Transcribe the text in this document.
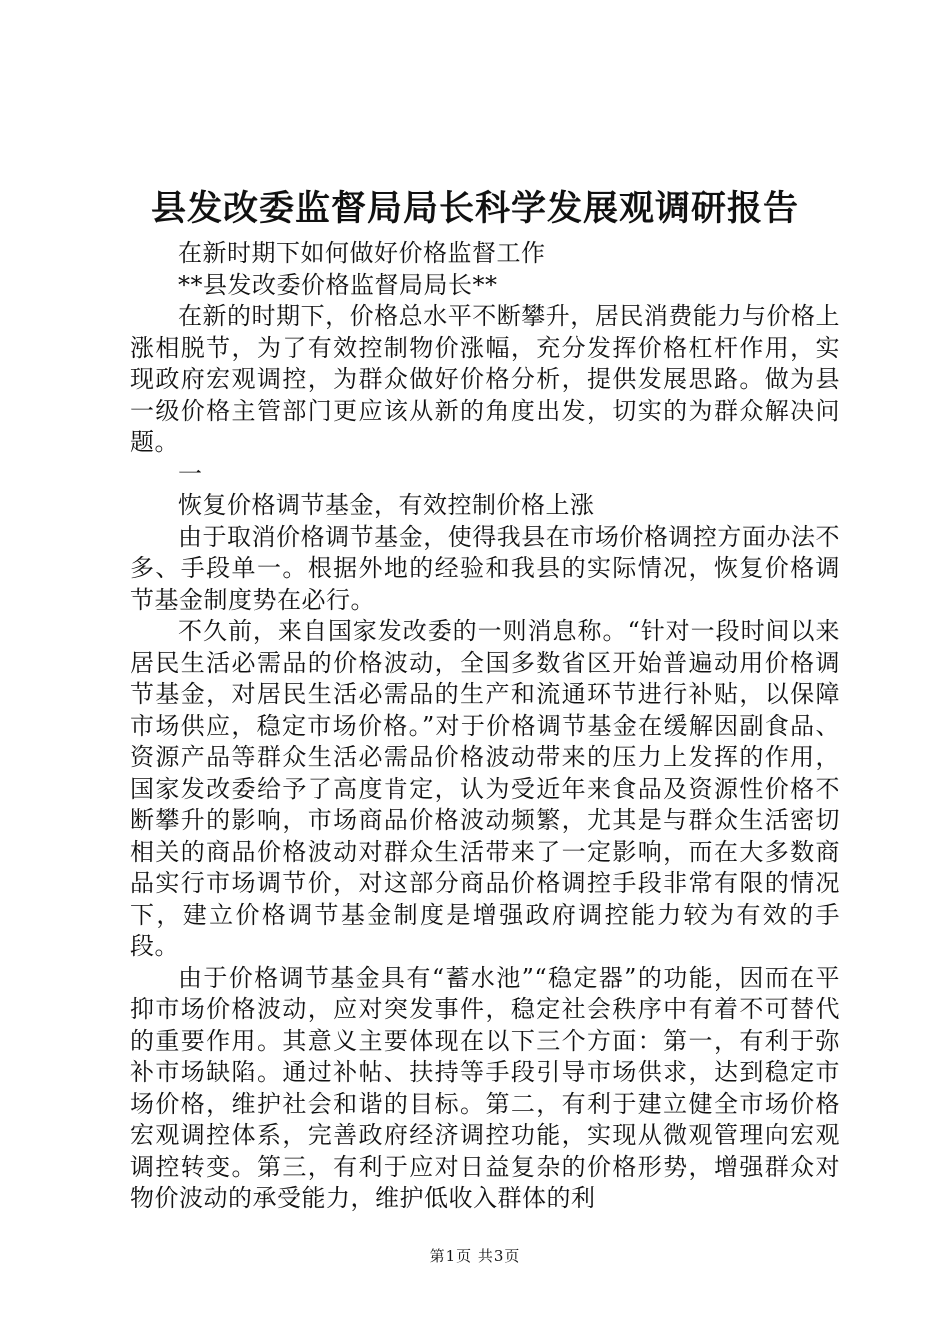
县发改委监督局局长科学发展观调研报告

在新时期下如何做好价格监督工作

**县发改委价格监督局局长**

在新的时期下，价格总水平不断攀升，居民消费能力与价格上涨相脱节，为了有效控制物价涨幅，充分发挥价格杠杆作用，实现政府宏观调控，为群众做好价格分析，提供发展思路。做为县一级价格主管部门更应该从新的角度出发，切实的为群众解决问题。

一

恢复价格调节基金，有效控制价格上涨

由于取消价格调节基金，使得我县在市场价格调控方面办法不多、手段单一。根据外地的经验和我县的实际情况，恢复价格调节基金制度势在必行。

不久前，来自国家发改委的一则消息称。“针对一段时间以来居民生活必需品的价格波动，全国多数省区开始普遍动用价格调节基金，对居民生活必需品的生产和流通环节进行补贴，以保障市场供应，稳定市场价格。”对于价格调节基金在缓解因副食品、资源产品等群众生活必需品价格波动带来的压力上发挥的作用，国家发改委给予了高度肯定，认为受近年来食品及资源性价格不断攀升的影响，市场商品价格波动频繁，尤其是与群众生活密切相关的商品价格波动对群众生活带来了一定影响，而在大多数商品实行市场调节价，对这部分商品价格调控手段非常有限的情况下，建立价格调节基金制度是增强政府调控能力较为有效的手段。

由于价格调节基金具有“蓄水池”“稳定器”的功能，因而在平抑市场价格波动，应对突发事件，稳定社会秩序中有着不可替代的重要作用。其意义主要体现在以下三个方面：第一，有利于弥补市场缺陷。通过补帖、扶持等手段引导市场供求，达到稳定市场价格，维护社会和谐的目标。第二，有利于建立健全市场价格宏观调控体系，完善政府经济调控功能，实现从微观管理向宏观调控转变。第三，有利于应对日益复杂的价格形势，增强群众对物价波动的承受能力，维护低收入群体的利

第1页 共3页
